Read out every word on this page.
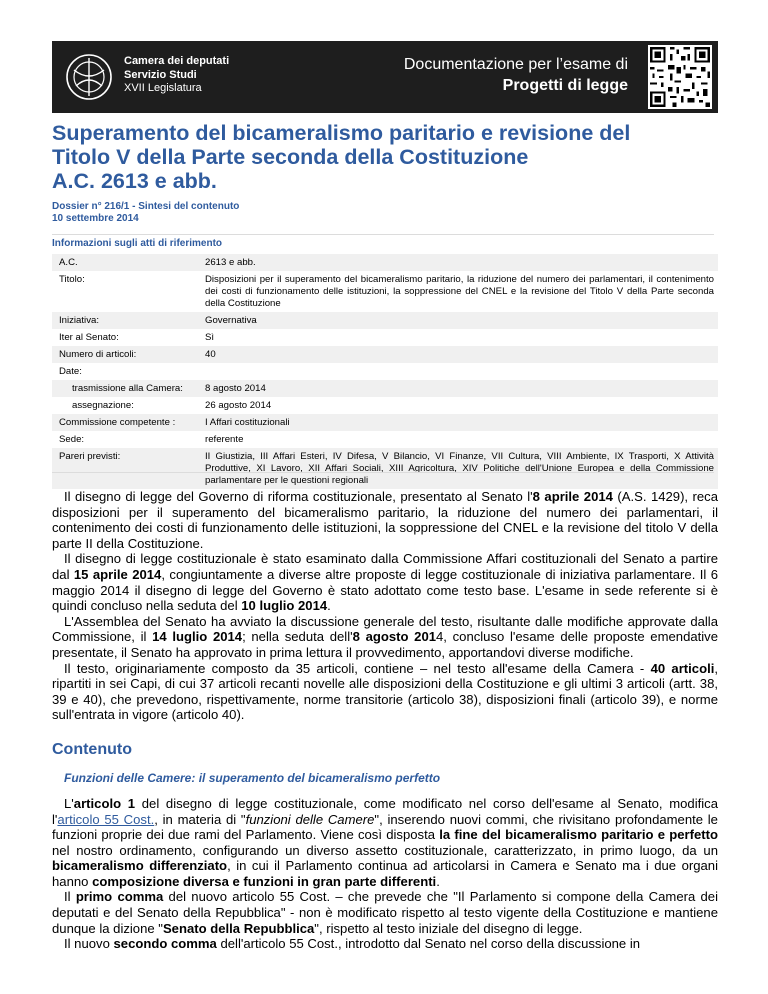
Camera dei deputati
Servizio Studi
XVII Legislatura
Documentazione per l’esame di
Progetti di legge
Superamento del bicameralismo paritario e revisione del
Titolo V della Parte seconda della Costituzione
A.C. 2613 e abb.
Dossier n° 216/1 - Sintesi del contenuto
10 settembre 2014
Informazioni sugli atti di riferimento
A.C.	2613 e abb.
Titolo:	Disposizioni per il superamento del bicameralismo paritario, la riduzione del numero dei parlamentari, il contenimento dei costi di funzionamento delle istituzioni, la soppressione del CNEL e la revisione del Titolo V della Parte seconda della Costituzione
Iniziativa:	Governativa
Iter al Senato:	Sì
Numero di articoli:	40
Date:	
trasmissione alla Camera:	8 agosto 2014
assegnazione:	26 agosto 2014
Commissione competente :	I Affari costituzionali
Sede:	referente
Pareri previsti:	II Giustizia, III Affari Esteri, IV Difesa, V Bilancio, VI Finanze, VII Cultura, VIII Ambiente, IX Trasporti, X Attività Produttive, XI Lavoro, XII Affari Sociali, XIII Agricoltura, XIV Politiche dell'Unione Europea e della Commissione parlamentare per le questioni regionali

Il disegno di legge del Governo di riforma costituzionale, presentato al Senato l'8 aprile 2014 (A.S. 1429), reca disposizioni per il superamento del bicameralismo paritario, la riduzione del numero dei parlamentari, il contenimento dei costi di funzionamento delle istituzioni, la soppressione del CNEL e la revisione del titolo V della parte II della Costituzione.

Il disegno di legge costituzionale è stato esaminato dalla Commissione Affari costituzionali del Senato a partire dal 15 aprile 2014, congiuntamente a diverse altre proposte di legge costituzionale di iniziativa parlamentare. Il 6 maggio 2014 il disegno di legge del Governo è stato adottato come testo base. L'esame in sede referente si è quindi concluso nella seduta del 10 luglio 2014.

L'Assemblea del Senato ha avviato la discussione generale del testo, risultante dalle modifiche approvate dalla Commissione, il 14 luglio 2014; nella seduta dell'8 agosto 2014, concluso l'esame delle proposte emendative presentate, il Senato ha approvato in prima lettura il provvedimento, apportandovi diverse modifiche.

Il testo, originariamente composto da 35 articoli, contiene – nel testo all'esame della Camera - 40 articoli, ripartiti in sei Capi, di cui 37 articoli recanti novelle alle disposizioni della Costituzione e gli ultimi 3 articoli (artt. 38, 39 e 40), che prevedono, rispettivamente, norme transitorie (articolo 38), disposizioni finali (articolo 39), e norme sull'entrata in vigore (articolo 40).

Contenuto
Funzioni delle Camere: il superamento del bicameralismo perfetto

L'articolo 1 del disegno di legge costituzionale, come modificato nel corso dell'esame al Senato, modifica l'articolo 55 Cost., in materia di "funzioni delle Camere", inserendo nuovi commi, che rivisitano profondamente le funzioni proprie dei due rami del Parlamento. Viene così disposta la fine del bicameralismo paritario e perfetto nel nostro ordinamento, configurando un diverso assetto costituzionale, caratterizzato, in primo luogo, da un bicameralismo differenziato, in cui il Parlamento continua ad articolarsi in Camera e Senato ma i due organi hanno composizione diversa e funzioni in gran parte differenti.

Il primo comma del nuovo articolo 55 Cost. – che prevede che "Il Parlamento si compone della Camera dei deputati e del Senato della Repubblica" - non è modificato rispetto al testo vigente della Costituzione e mantiene dunque la dizione "Senato della Repubblica", rispetto al testo iniziale del disegno di legge.

Il nuovo secondo comma dell'articolo 55 Cost., introdotto dal Senato nel corso della discussione in
